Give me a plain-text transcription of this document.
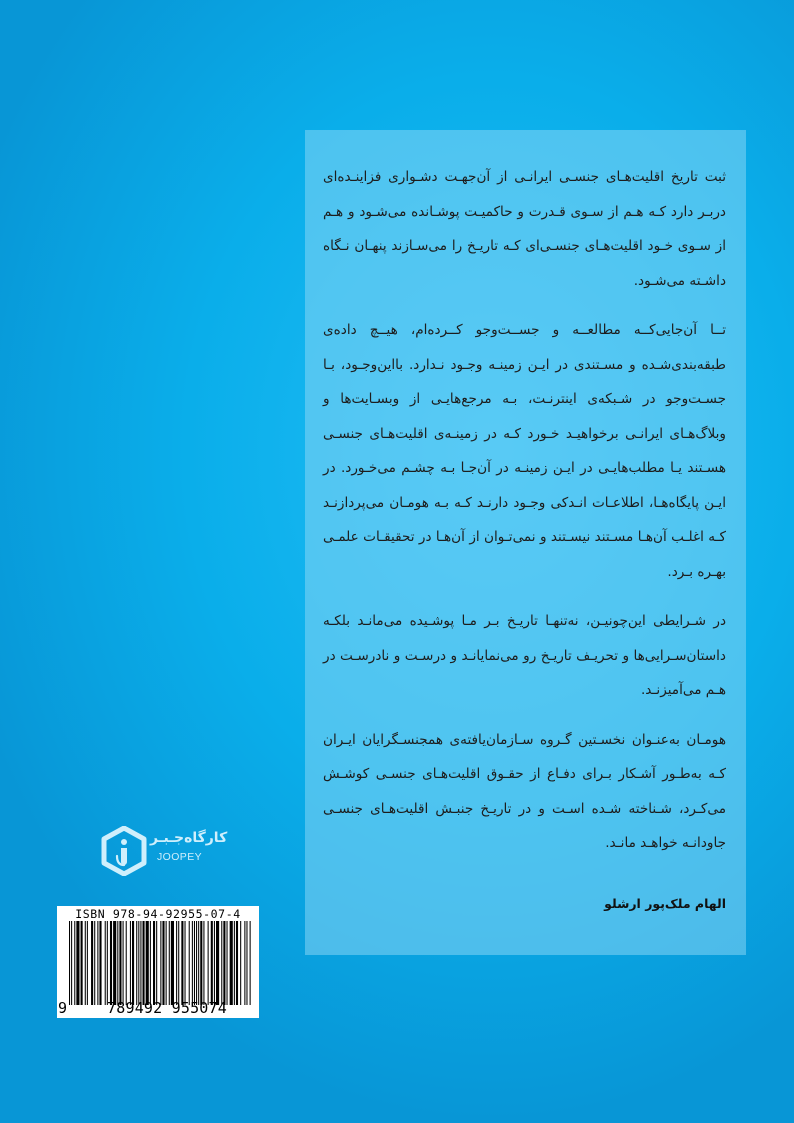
ثبت تاریخ اقلیت‌هـای جنسـی ایرانـی از آن‌جهـت دشـواری فزاینـده‌ای دربـر دارد کـه هـم از سـوی قـدرت و حاکمیـت پوشـانده می‌شـود و هـم از سـوی خـود اقلیت‌هـای جنسـی‌ای کـه تاریـخ را می‌سـازند پنهـان نـگاه داشـته می‌شـود.

تــا آن‌جایی‌کــه مطالعــه و جســت‌وجو کــرده‌ام، هیــچ داده‌ی طبقه‌بندی‌شـده و مسـتندی در ایـن زمینـه وجـود نـدارد. بااین‌وجـود، بـا جسـت‌وجو در شـبکه‌ی اینترنـت، بـه مرجع‌هایـی از وبسـایت‌ها و وبلاگ‌هـای ایرانـی برخواهیـد خـورد کـه در زمینـه‌ی اقلیت‌هـای جنسـی هسـتند یـا مطلب‌هایـی در ایـن زمینـه در آن‌جـا بـه چشـم می‌خـورد. در ایـن پایگاه‌هـا، اطلاعـات انـدکی وجـود دارنـد کـه بـه هومـان می‌پردازنـد کـه اغلـب آن‌هـا مسـتند نیسـتند و نمی‌تـوان از آن‌هـا در تحقیقـات علمـی بهـره بـرد.

در شـرایطی این‌چونیـن، نه‌تنهـا تاریـخ بـر مـا پوشـیده می‌مانـد بلکـه داستان‌سـرایی‌ها و تحریـف تاریـخ رو می‌نمایانـد و درسـت و نادرسـت در هـم می‌آمیزنـد.

هومـان به‌عنـوان نخسـتین گـروه سـازمان‌یافته‌ی همجنسـگرایان ایـران کـه به‌طـور آشـکار بـرای دفـاع از حقـوق اقلیت‌هـای جنسـی کوشـش می‌کـرد، شـناخته شـده اسـت و در تاریـخ جنبـش اقلیت‌هـای جنسـی جاودانـه خواهـد مانـد.

الهام ملک‌پور ارشلو
کارگاه‌جـبـر
JOOPEY
ISBN 978-94-92955-07-4
9	789492 955074
